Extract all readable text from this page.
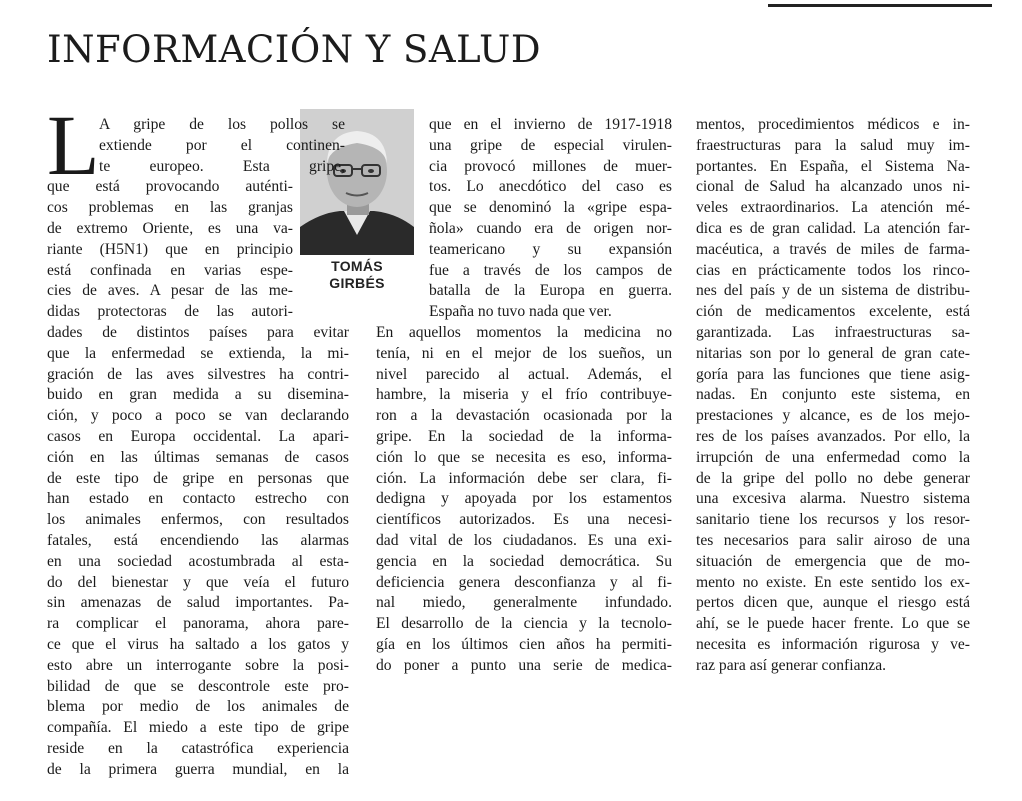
INFORMACIÓN Y SALUD
L
TOMÁS
GIRBÉS
A gripe de los pollos se
extiende por el continen-
te europeo. Esta gripe,
que está provocando auténti-
cos problemas en las granjas
de extremo Oriente, es una va-
riante (H5N1) que en principio
está confinada en varias espe-
cies de aves. A pesar de las me-
didas protectoras de las autori-
dades de distintos países para evitar
que la enfermedad se extienda, la mi-
gración de las aves silvestres ha contri-
buido en gran medida a su disemina-
ción, y poco a poco se van declarando
casos en Europa occidental. La apari-
ción en las últimas semanas de casos
de este tipo de gripe en personas que
han estado en contacto estrecho con
los animales enfermos, con resultados
fatales, está encendiendo las alarmas
en una sociedad acostumbrada al esta-
do del bienestar y que veía el futuro
sin amenazas de salud importantes. Pa-
ra complicar el panorama, ahora pare-
ce que el virus ha saltado a los gatos y
esto abre un interrogante sobre la posi-
bilidad de que se descontrole este pro-
blema por medio de los animales de
compañía. El miedo a este tipo de gripe
reside en la catastrófica experiencia
de la primera guerra mundial, en la
que en el invierno de 1917-1918
una gripe de especial virulen-
cia provocó millones de muer-
tos. Lo anecdótico del caso es
que se denominó la «gripe espa-
ñola» cuando era de origen nor-
teamericano y su expansión
fue a través de los campos de
batalla de la Europa en guerra.
España no tuvo nada que ver.
En aquellos momentos la medicina no
tenía, ni en el mejor de los sueños, un
nivel parecido al actual. Además, el
hambre, la miseria y el frío contribuye-
ron a la devastación ocasionada por la
gripe. En la sociedad de la informa-
ción lo que se necesita es eso, informa-
ción. La información debe ser clara, fi-
dedigna y apoyada por los estamentos
científicos autorizados. Es una necesi-
dad vital de los ciudadanos. Es una exi-
gencia en la sociedad democrática. Su
deficiencia genera desconfianza y al fi-
nal miedo, generalmente infundado.
El desarrollo de la ciencia y la tecnolo-
gía en los últimos cien años ha permiti-
do poner a punto una serie de medica-
mentos, procedimientos médicos e in-
fraestructuras para la salud muy im-
portantes. En España, el Sistema Na-
cional de Salud ha alcanzado unos ni-
veles extraordinarios. La atención mé-
dica es de gran calidad. La atención far-
macéutica, a través de miles de farma-
cias en prácticamente todos los rinco-
nes del país y de un sistema de distribu-
ción de medicamentos excelente, está
garantizada. Las infraestructuras sa-
nitarias son por lo general de gran cate-
goría para las funciones que tiene asig-
nadas. En conjunto este sistema, en
prestaciones y alcance, es de los mejo-
res de los países avanzados. Por ello, la
irrupción de una enfermedad como la
de la gripe del pollo no debe generar
una excesiva alarma. Nuestro sistema
sanitario tiene los recursos y los resor-
tes necesarios para salir airoso de una
situación de emergencia que de mo-
mento no existe. En este sentido los ex-
pertos dicen que, aunque el riesgo está
ahí, se le puede hacer frente. Lo que se
necesita es información rigurosa y ve-
raz para así generar confianza.
